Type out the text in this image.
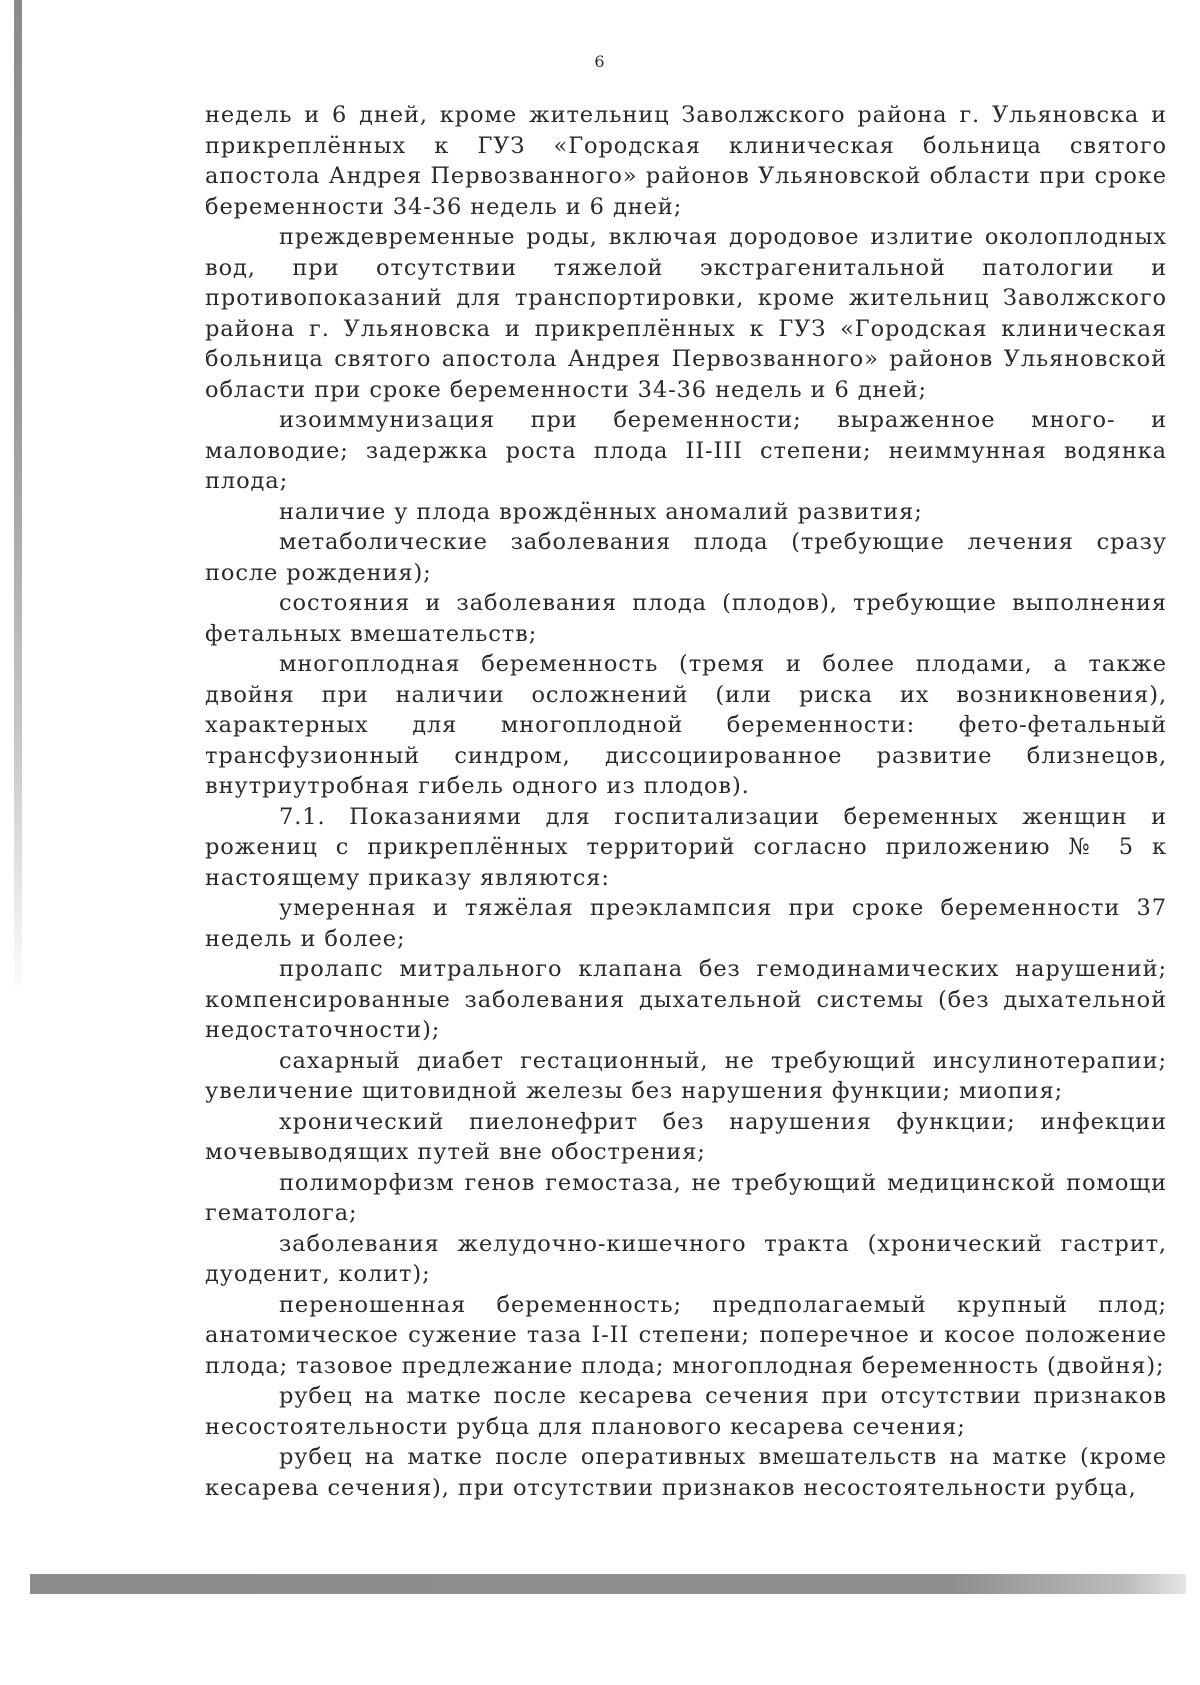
6

недель и 6 дней, кроме жительниц Заволжского района г. Ульяновска и прикреплённых к ГУЗ «Городская клиническая больница святого апостола Андрея Первозванного» районов Ульяновской области при сроке беременности 34-36 недель и 6 дней;

преждевременные роды, включая дородовое излитие околоплодных вод, при отсутствии тяжелой экстрагенитальной патологии и противопоказаний для транспортировки, кроме жительниц Заволжского района г. Ульяновска и прикреплённых к ГУЗ «Городская клиническая больница святого апостола Андрея Первозванного» районов Ульяновской области при сроке беременности 34-36 недель и 6 дней;

изоиммунизация при беременности; выраженное много- и маловодие; задержка роста плода II-III степени; неиммунная водянка плода;

наличие у плода врождённых аномалий развития;

метаболические заболевания плода (требующие лечения сразу после рождения);

состояния и заболевания плода (плодов), требующие выполнения фетальных вмешательств;

многоплодная беременность (тремя и более плодами, а также двойня при наличии осложнений (или риска их возникновения), характерных для многоплодной беременности: фето-фетальный трансфузионный синдром, диссоциированное развитие близнецов, внутриутробная гибель одного из плодов).

7.1. Показаниями для госпитализации беременных женщин и рожениц с прикреплённых территорий согласно приложению № 5 к настоящему приказу являются:

умеренная и тяжёлая преэклампсия при сроке беременности 37 недель и более;

пролапс митрального клапана без гемодинамических нарушений; компенсированные заболевания дыхательной системы (без дыхательной недостаточности);

сахарный диабет гестационный, не требующий инсулинотерапии; увеличение щитовидной железы без нарушения функции; миопия;

хронический пиелонефрит без нарушения функции; инфекции мочевыводящих путей вне обострения;

полиморфизм генов гемостаза, не требующий медицинской помощи гематолога;

заболевания желудочно-кишечного тракта (хронический гастрит, дуоденит, колит);

переношенная беременность; предполагаемый крупный плод; анатомическое сужение таза I-II степени; поперечное и косое положение плода; тазовое предлежание плода; многоплодная беременность (двойня);

рубец на матке после кесарева сечения при отсутствии признаков несостоятельности рубца для планового кесарева сечения;

рубец на матке после оперативных вмешательств на матке (кроме кесарева сечения), при отсутствии признаков несостоятельности рубца,
